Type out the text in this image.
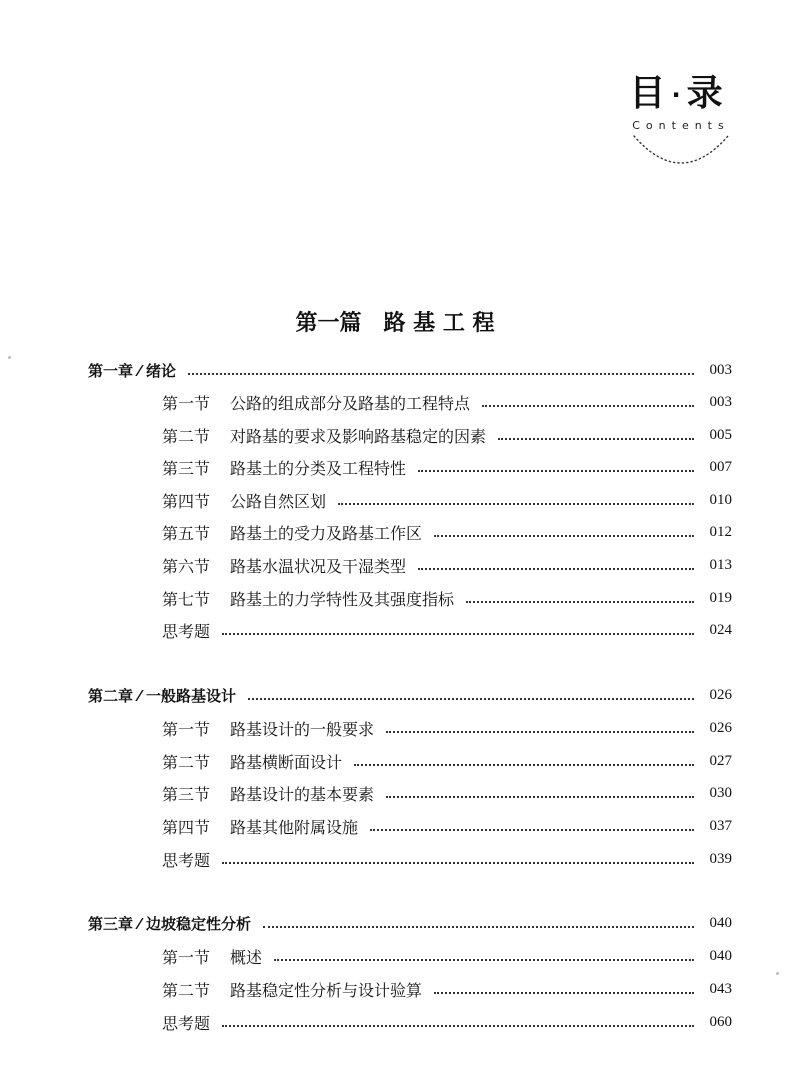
目 · 录
Contents
第一篇　路 基 工 程
第一章 ⁄ 绪论	003
第一节 公路的组成部分及路基的工程特点	003
第二节 对路基的要求及影响路基稳定的因素	005
第三节 路基土的分类及工程特性	007
第四节 公路自然区划	010
第五节 路基土的受力及路基工作区	012
第六节 路基水温状况及干湿类型	013
第七节 路基土的力学特性及其强度指标	019
思考题	024
第二章 ⁄ 一般路基设计	026
第一节 路基设计的一般要求	026
第二节 路基横断面设计	027
第三节 路基设计的基本要素	030
第四节 路基其他附属设施	037
思考题	039
第三章 ⁄ 边坡稳定性分析	040
第一节 概述	040
第二节 路基稳定性分析与设计验算	043
思考题	060
